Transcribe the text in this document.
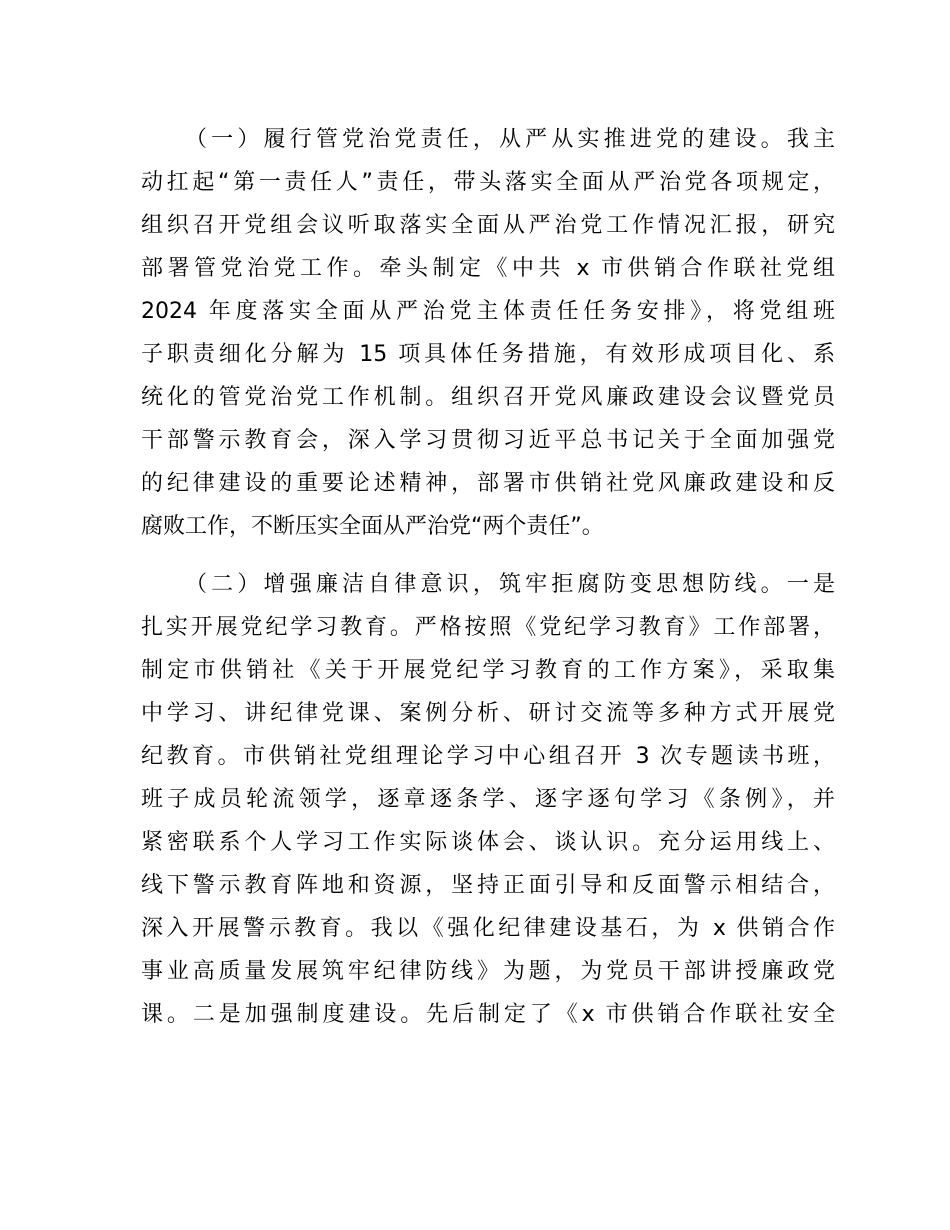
（一）履行管党治党责任，从严从实推进党的建设。我主
动扛起“第一责任人”责任，带头落实全面从严治党各项规定，
组织召开党组会议听取落实全面从严治党工作情况汇报，研究
部署管党治党工作。牵头制定《中共 x 市供销合作联社党组
2024 年度落实全面从严治党主体责任任务安排》，将党组班
子职责细化分解为 15 项具体任务措施，有效形成项目化、系
统化的管党治党工作机制。组织召开党风廉政建设会议暨党员
干部警示教育会，深入学习贯彻习近平总书记关于全面加强党
的纪律建设的重要论述精神，部署市供销社党风廉政建设和反
腐败工作，不断压实全面从严治党“两个责任”。
（二）增强廉洁自律意识，筑牢拒腐防变思想防线。一是
扎实开展党纪学习教育。严格按照《党纪学习教育》工作部署，
制定市供销社《关于开展党纪学习教育的工作方案》，采取集
中学习、讲纪律党课、案例分析、研讨交流等多种方式开展党
纪教育。市供销社党组理论学习中心组召开 3 次专题读书班，
班子成员轮流领学，逐章逐条学、逐字逐句学习《条例》，并
紧密联系个人学习工作实际谈体会、谈认识。充分运用线上、
线下警示教育阵地和资源，坚持正面引导和反面警示相结合，
深入开展警示教育。我以《强化纪律建设基石，为 x 供销合作
事业高质量发展筑牢纪律防线》为题，为党员干部讲授廉政党
课。二是加强制度建设。先后制定了《x 市供销合作联社安全
